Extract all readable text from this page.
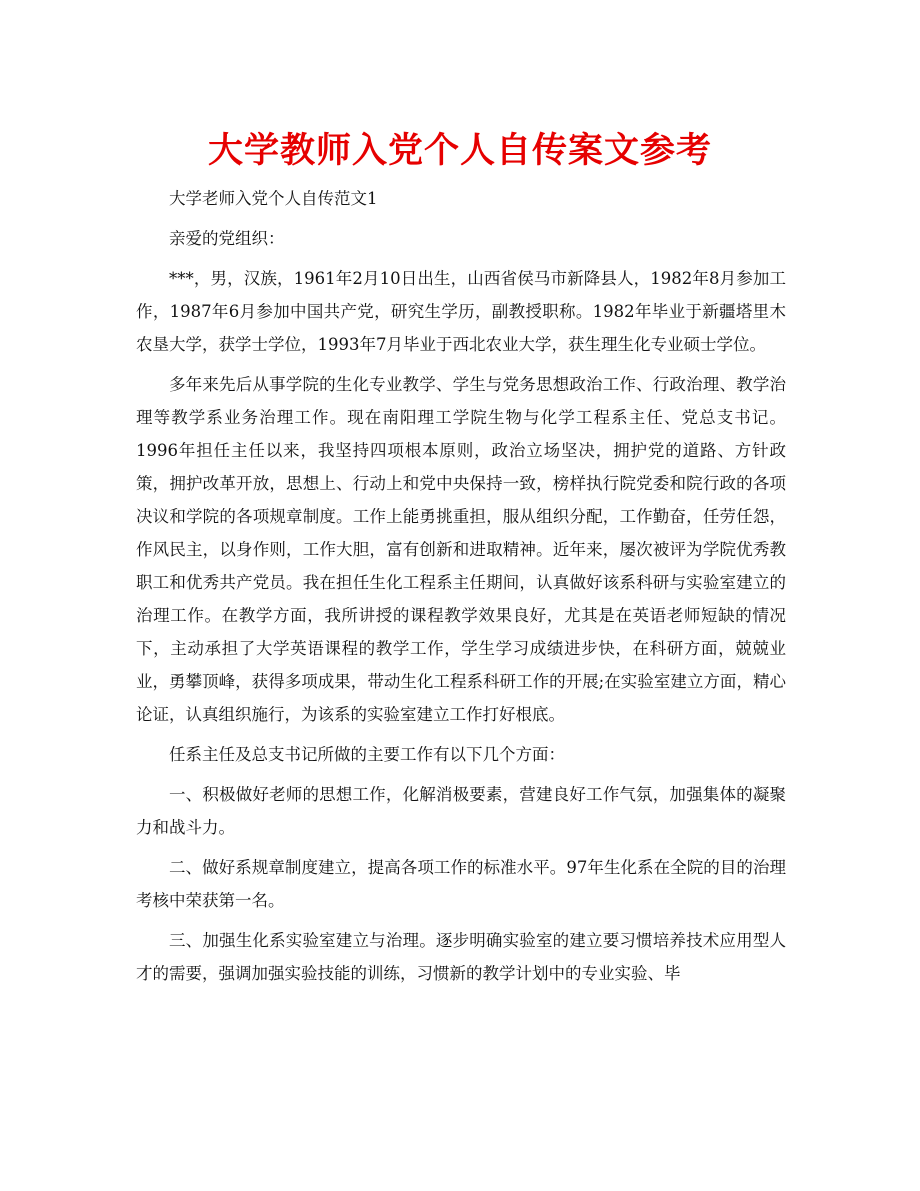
大学教师入党个人自传案文参考

大学老师入党个人自传范文1

亲爱的党组织：

***，男，汉族，1961年2月10日出生，山西省侯马市新降县人，1982年8月参加工作，1987年6月参加中国共产党，研究生学历，副教授职称。1982年毕业于新疆塔里木农垦大学，获学士学位，1993年7月毕业于西北农业大学，获生理生化专业硕士学位。

多年来先后从事学院的生化专业教学、学生与党务思想政治工作、行政治理、教学治理等教学系业务治理工作。现在南阳理工学院生物与化学工程系主任、党总支书记。1996年担任主任以来，我坚持四项根本原则，政治立场坚决，拥护党的道路、方针政策，拥护改革开放，思想上、行动上和党中央保持一致，榜样执行院党委和院行政的各项决议和学院的各项规章制度。工作上能勇挑重担，服从组织分配，工作勤奋，任劳任怨，作风民主，以身作则，工作大胆，富有创新和进取精神。近年来，屡次被评为学院优秀教职工和优秀共产党员。我在担任生化工程系主任期间，认真做好该系科研与实验室建立的治理工作。在教学方面，我所讲授的课程教学效果良好，尤其是在英语老师短缺的情况下，主动承担了大学英语课程的教学工作，学生学习成绩进步快，在科研方面，兢兢业业，勇攀顶峰，获得多项成果，带动生化工程系科研工作的开展;在实验室建立方面，精心论证，认真组织施行，为该系的实验室建立工作打好根底。

任系主任及总支书记所做的主要工作有以下几个方面：

一、积极做好老师的思想工作，化解消极要素，营建良好工作气氛，加强集体的凝聚力和战斗力。

二、做好系规章制度建立，提高各项工作的标准水平。97年生化系在全院的目的治理考核中荣获第一名。

三、加强生化系实验室建立与治理。逐步明确实验室的建立要习惯培养技术应用型人才的需要，强调加强实验技能的训练，习惯新的教学计划中的专业实验、毕
